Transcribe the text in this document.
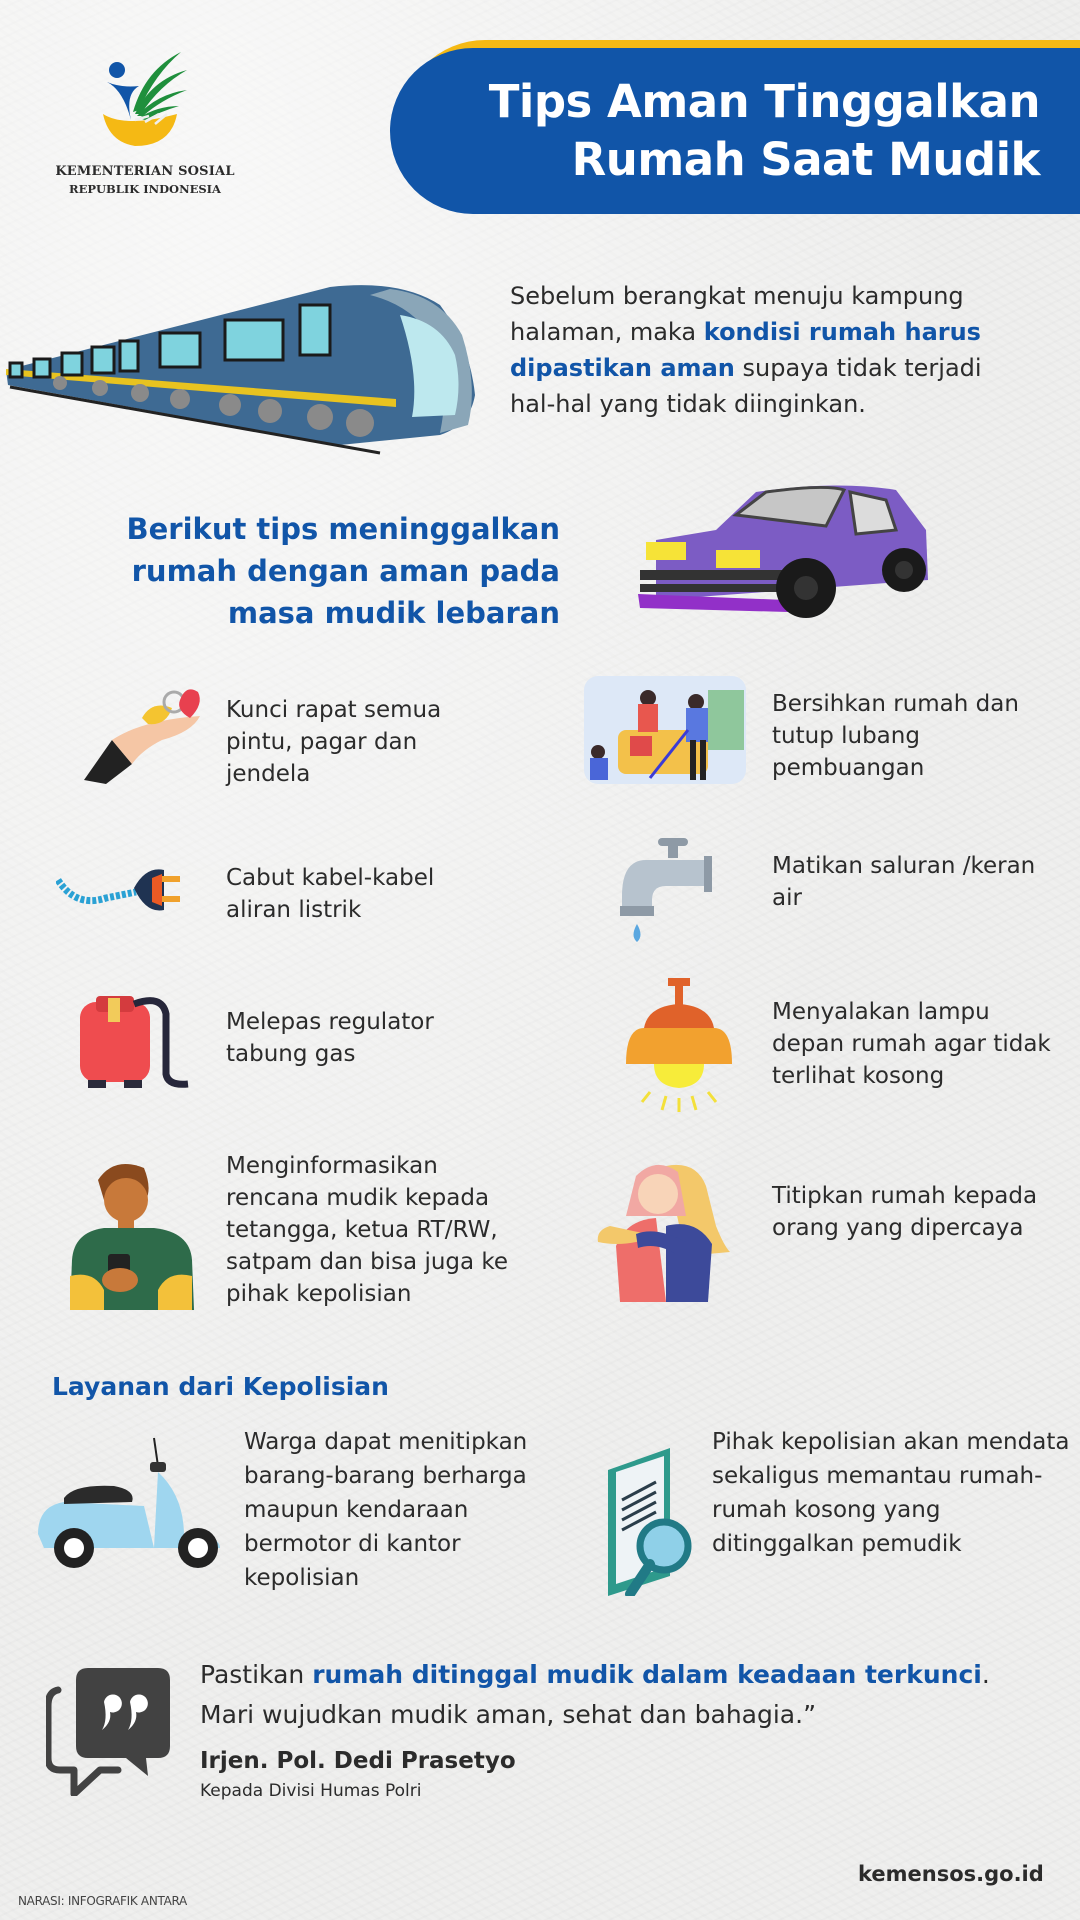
KEMENTERIAN SOSIAL
REPUBLIK INDONESIA
Tips Aman Tinggalkan
Rumah Saat Mudik
Sebelum berangkat menuju kampung halaman, maka kondisi rumah harus dipastikan aman supaya tidak terjadi hal-hal yang tidak diinginkan.
Berikut tips meninggalkan
rumah dengan aman pada
masa mudik lebaran
Kunci rapat semua pintu, pagar dan jendela
Bersihkan rumah dan tutup lubang pembuangan
Cabut kabel-kabel aliran listrik
Matikan saluran /keran air
Melepas regulator tabung gas
Menyalakan lampu depan rumah agar tidak terlihat kosong
Menginformasikan rencana mudik kepada tetangga, ketua RT/RW, satpam dan bisa juga ke pihak kepolisian
Titipkan rumah kepada orang yang dipercaya
Layanan dari Kepolisian
Warga dapat menitipkan barang-barang berharga maupun kendaraan bermotor di kantor kepolisian
Pihak kepolisian akan mendata sekaligus memantau rumah-rumah kosong yang ditinggalkan pemudik
Pastikan rumah ditinggal mudik dalam keadaan terkunci.
Mari wujudkan mudik aman, sehat dan bahagia.”
Irjen. Pol. Dedi Prasetyo
Kepada Divisi Humas Polri
NARASI: INFOGRAFIK ANTARA
kemensos.go.id
